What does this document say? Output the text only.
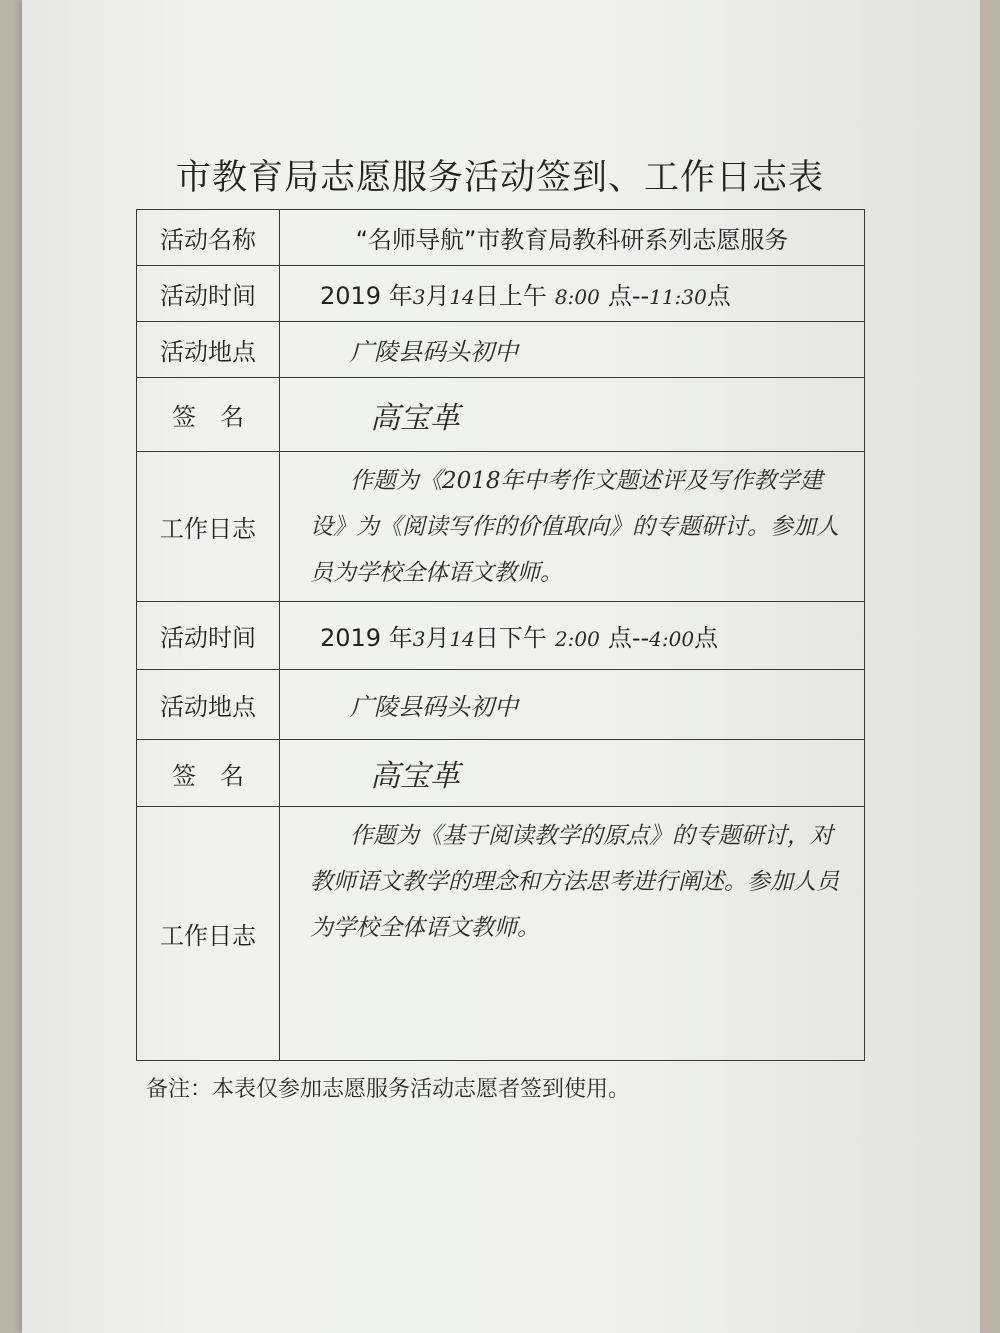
市教育局志愿服务活动签到、工作日志表
活动名称	“名师导航”市教育局教科研系列志愿服务

活动时间	2019 年3月14日上午 8:00 点--11:30点

活动地点	广陵县码头初中

签　名	高宝革

工作日志	作题为《2018年中考作文题述评及写作教学建设》为《阅读写作的价值取向》的专题研讨。参加人员为学校全体语文教师。

活动时间	2019 年3月14日下午 2:00 点--4:00点

活动地点	广陵县码头初中

签　名	高宝革

工作日志	作题为《基于阅读教学的原点》的专题研讨，对教师语文教学的理念和方法思考进行阐述。参加人员为学校全体语文教师。
备注：本表仅参加志愿服务活动志愿者签到使用。
